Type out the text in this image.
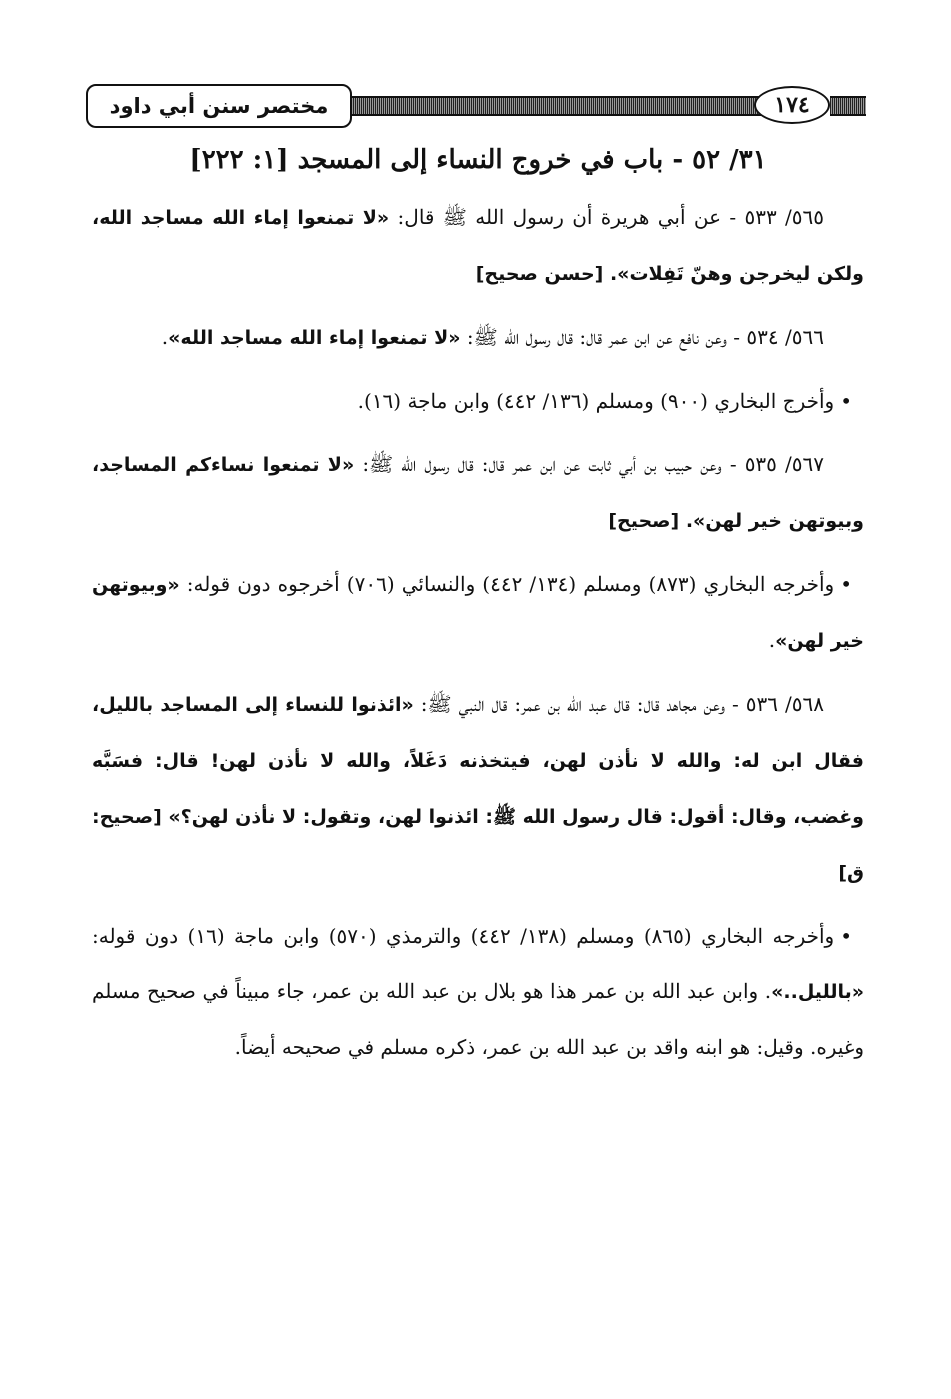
مختصر سنن أبي داود	١٧٤
٣١/ ٥٢ - باب في خروج النساء إلى المسجد [١: ٢٢٢]

٥٦٥/ ٥٣٣ - عن أبي هريرة أن رسول الله ﷺ قال: «لا تمنعوا إماء الله مساجد الله، ولكن ليخرجن وهنّ تَفِلات». [حسن صحيح]

٥٦٦/ ٥٣٤ - وعن نافع عن ابن عمر قال: قال رسول الله ﷺ: «لا تمنعوا إماء الله مساجد الله».

•وأخرج البخاري (٩٠٠) ومسلم (١٣٦/ ٤٤٢) وابن ماجة (١٦).

٥٦٧/ ٥٣٥ - وعن حبيب بن أبي ثابت عن ابن عمر قال: قال رسول الله ﷺ: «لا تمنعوا نساءكم المساجد، وبيوتهن خير لهن». [صحيح]

•وأخرجه البخاري (٨٧٣) ومسلم (١٣٤/ ٤٤٢) والنسائي (٧٠٦) أخرجوه دون قوله: «وبيوتهن خير لهن».

٥٦٨/ ٥٣٦ - وعن مجاهد قال: قال عبد الله بن عمر: قال النبي ﷺ: «ائذنوا للنساء إلى المساجد بالليل، فقال ابن له: والله لا نأذن لهن، فيتخذنه دَغَلاً، والله لا نأذن لهن! قال: فسَبَّه وغضب، وقال: أقول: قال رسول الله ﷺ: ائذنوا لهن، وتقول: لا نأذن لهن؟» [صحيح: ق]

•وأخرجه البخاري (٨٦٥) ومسلم (١٣٨/ ٤٤٢) والترمذي (٥٧٠) وابن ماجة (١٦) دون قوله: «بالليل..». وابن عبد الله بن عمر هذا هو بلال بن عبد الله بن عمر، جاء مبيناً في صحيح مسلم وغيره. وقيل: هو ابنه واقد بن عبد الله بن عمر، ذكره مسلم في صحيحه أيضاً.
